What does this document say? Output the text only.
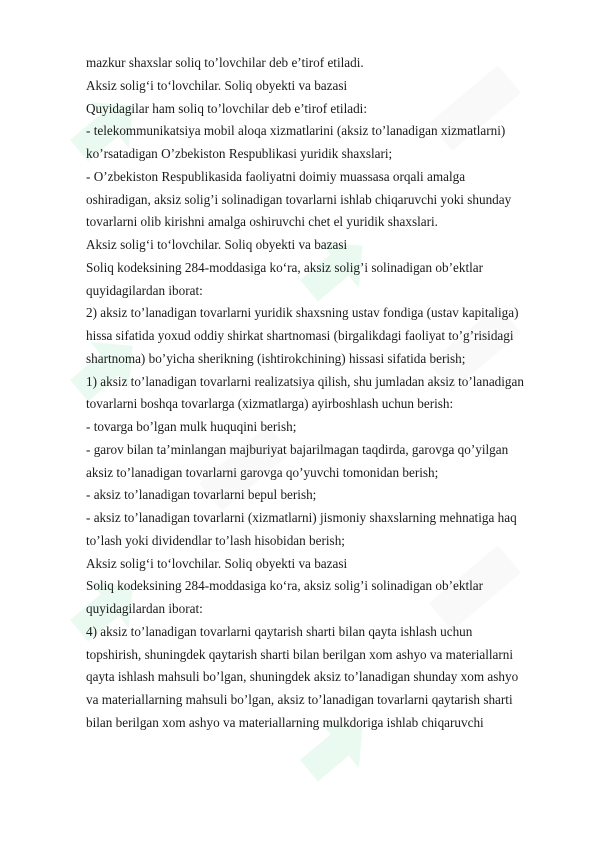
mazkur shaxslar soliq to’lovchilar deb e’tirof etiladi.
Aksiz solig‘i to‘lovchilar. Soliq obyekti va bazasi
Quyidagilar ham soliq to’lovchilar deb e’tirof etiladi:
- telekommunikatsiya mobil aloqa xizmatlarini (aksiz to’lanadigan xizmatlarni)
ko’rsatadigan O’zbekiston Respublikasi yuridik shaxslari;
- O’zbekiston Respublikasida faoliyatni doimiy muassasa orqali amalga
oshiradigan, aksiz solig’i solinadigan tovarlarni ishlab chiqaruvchi yoki shunday
tovarlarni olib kirishni amalga oshiruvchi chet el yuridik shaxslari.
Aksiz solig‘i to‘lovchilar. Soliq obyekti va bazasi
Soliq kodeksining 284-moddasiga ko‘ra, aksiz solig’i solinadigan ob’ektlar
quyidagilardan iborat:
2) aksiz to’lanadigan tovarlarni yuridik shaxsning ustav fondiga (ustav kapitaliga)
hissa sifatida yoxud oddiy shirkat shartnomasi (birgalikdagi faoliyat to’g’risidagi
shartnoma) bo’yicha sherikning (ishtirokchining) hissasi sifatida berish;
1) aksiz to’lanadigan tovarlarni realizatsiya qilish, shu jumladan aksiz to’lanadigan
tovarlarni boshqa tovarlarga (xizmatlarga) ayirboshlash uchun berish:
- tovarga bo’lgan mulk huquqini berish;
- garov bilan ta’minlangan majburiyat bajarilmagan taqdirda, garovga qo’yilgan
aksiz to’lanadigan tovarlarni garovga qo’yuvchi tomonidan berish;
- aksiz to’lanadigan tovarlarni bepul berish;
- aksiz to’lanadigan tovarlarni (xizmatlarni) jismoniy shaxslarning mehnatiga haq
to’lash yoki dividendlar to’lash hisobidan berish;
Aksiz solig‘i to‘lovchilar. Soliq obyekti va bazasi
Soliq kodeksining 284-moddasiga ko‘ra, aksiz solig’i solinadigan ob’ektlar
quyidagilardan iborat:
4) aksiz to’lanadigan tovarlarni qaytarish sharti bilan qayta ishlash uchun
topshirish, shuningdek qaytarish sharti bilan berilgan xom ashyo va materiallarni
qayta ishlash mahsuli bo’lgan, shuningdek aksiz to’lanadigan shunday xom ashyo
va materiallarning mahsuli bo’lgan, aksiz to’lanadigan tovarlarni qaytarish sharti
bilan berilgan xom ashyo va materiallarning mulkdoriga ishlab chiqaruvchi
